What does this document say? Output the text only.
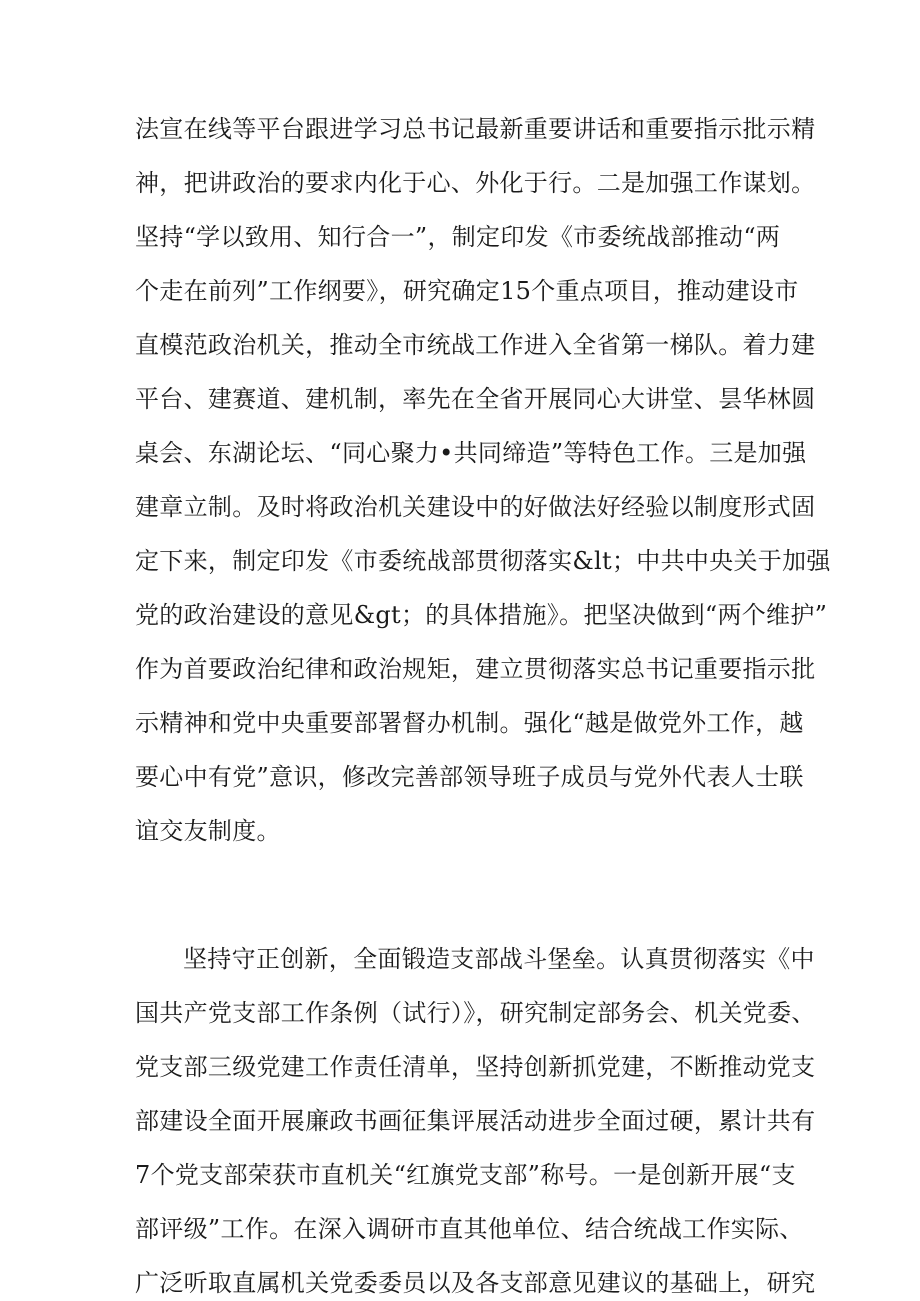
法宣在线等平台跟进学习总书记最新重要讲话和重要指示批示精
神，把讲政治的要求内化于心、外化于行。二是加强工作谋划。
坚持“学以致用、知行合一”，制定印发《市委统战部推动“两
个走在前列”工作纲要》，研究确定15个重点项目，推动建设市
直模范政治机关，推动全市统战工作进入全省第一梯队。着力建
平台、建赛道、建机制，率先在全省开展同心大讲堂、昙华林圆
桌会、东湖论坛、“同心聚力•共同缔造”等特色工作。三是加强
建章立制。及时将政治机关建设中的好做法好经验以制度形式固
定下来，制定印发《市委统战部贯彻落实&lt；中共中央关于加强
党的政治建设的意见&gt；的具体措施》。把坚决做到“两个维护”
作为首要政治纪律和政治规矩，建立贯彻落实总书记重要指示批
示精神和党中央重要部署督办机制。强化“越是做党外工作，越
要心中有党”意识，修改完善部领导班子成员与党外代表人士联
谊交友制度。
坚持守正创新，全面锻造支部战斗堡垒。认真贯彻落实《中
国共产党支部工作条例（试行）》，研究制定部务会、机关党委、
党支部三级党建工作责任清单，坚持创新抓党建，不断推动党支
部建设全面开展廉政书画征集评展活动进步全面过硬，累计共有
7个党支部荣获市直机关“红旗党支部”称号。一是创新开展“支
部评级”工作。在深入调研市直其他单位、结合统战工作实际、
广泛听取直属机关党委委员以及各支部意见建议的基础上，研究
